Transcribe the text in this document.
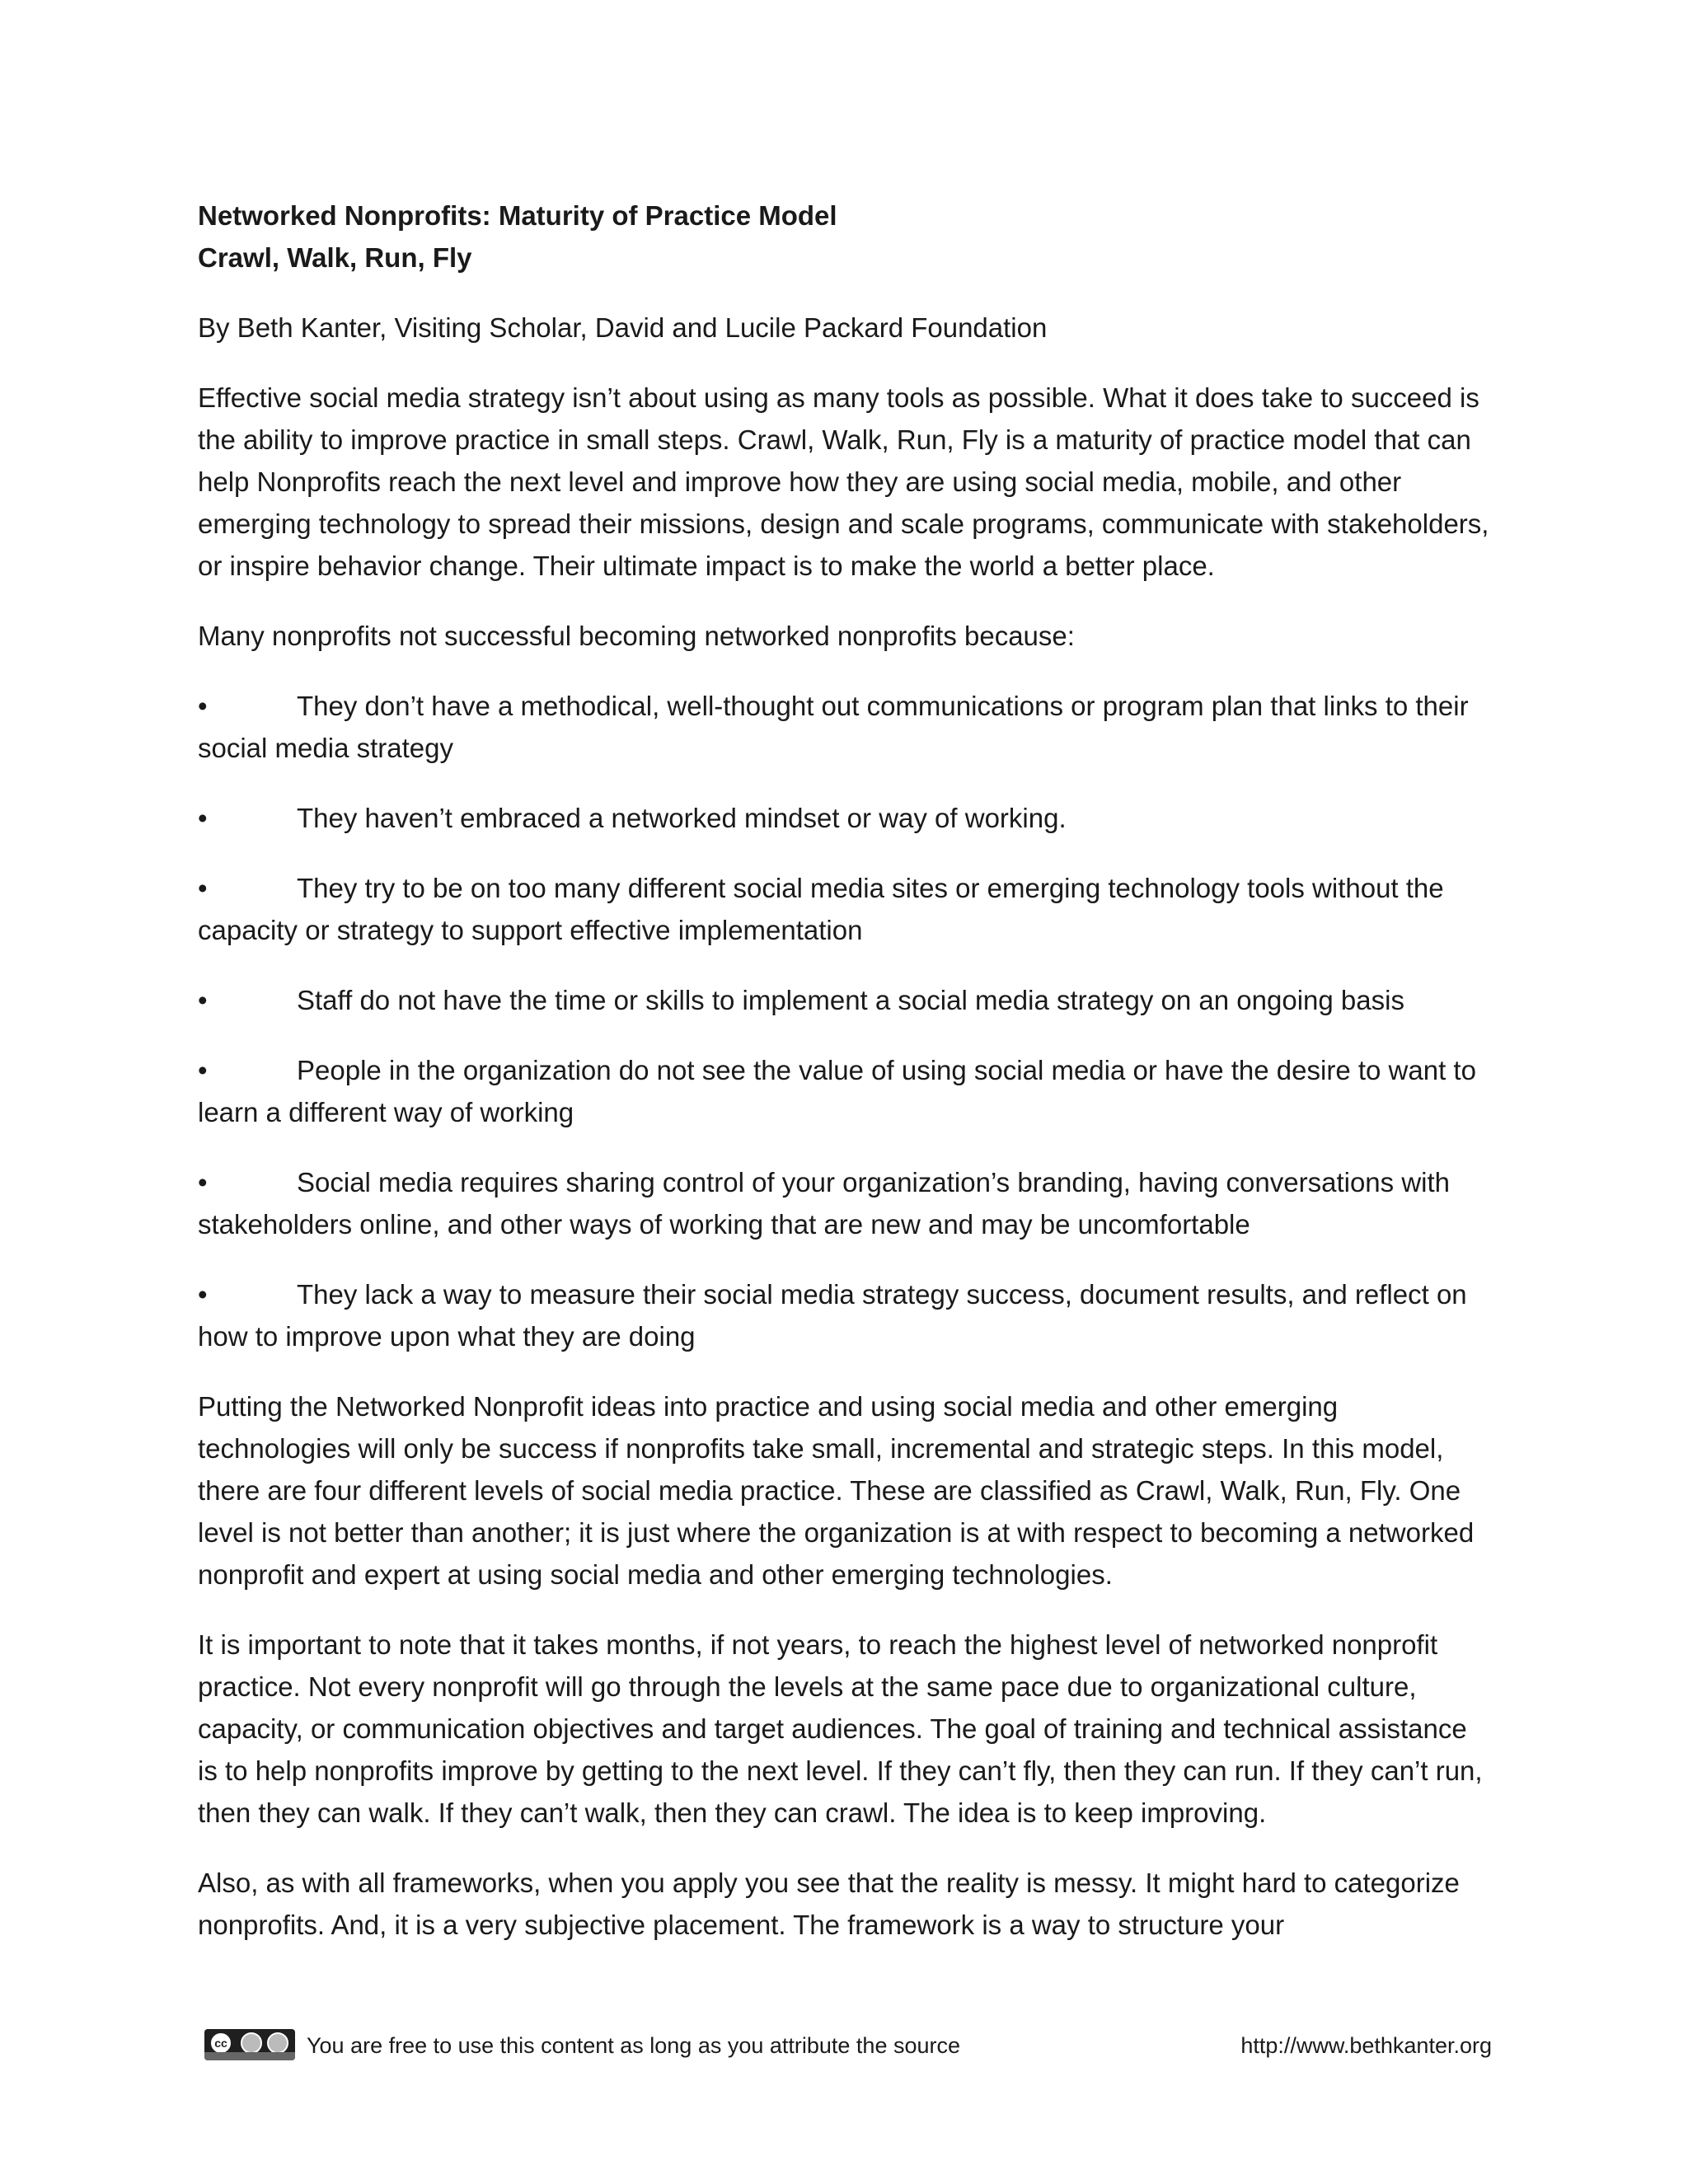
Networked Nonprofits: Maturity of Practice Model

Crawl, Walk, Run, Fly

By Beth Kanter, Visiting Scholar, David and Lucile Packard Foundation

Effective social media strategy isn’t about using as many tools as possible. What it does take to succeed is the ability to improve practice in small steps. Crawl, Walk, Run, Fly is a maturity of practice model that can help Nonprofits reach the next level and improve how they are using social media, mobile, and other emerging technology to spread their missions, design and scale programs, communicate with stakeholders, or inspire behavior change. Their ultimate impact is to make the world a better place.

Many nonprofits not successful becoming networked nonprofits because:

•	They don’t have a methodical, well-thought out communications or program plan that links to their social media strategy
•	They haven’t embraced a networked mindset or way of working.
•	They try to be on too many different social media sites or emerging technology tools without the capacity or strategy to support effective implementation
•	Staff do not have the time or skills to implement a social media strategy on an ongoing basis
•	People in the organization do not see the value of using social media or have the desire to want to learn a different way of working
•	Social media requires sharing control of your organization’s branding, having conversations with stakeholders online, and other ways of working that are new and may be uncomfortable
•	They lack a way to measure their social media strategy success, document results, and reflect on how to improve upon what they are doing

Putting the Networked Nonprofit ideas into practice and using social media and other emerging technologies will only be success if nonprofits take small, incremental and strategic steps. In this model, there are four different levels of social media practice. These are classified as Crawl, Walk, Run, Fly. One level is not better than another; it is just where the organization is at with respect to becoming a networked nonprofit and expert at using social media and other emerging technologies.

It is important to note that it takes months, if not years, to reach the highest level of networked nonprofit practice. Not every nonprofit will go through the levels at the same pace due to organizational culture, capacity, or communication objectives and target audiences. The goal of training and technical assistance is to help nonprofits improve by getting to the next level. If they can’t fly, then they can run. If they can’t run, then they can walk. If they can’t walk, then they can crawl. The idea is to keep improving.

Also, as with all frameworks, when you apply you see that the reality is messy. It might hard to categorize nonprofits. And, it is a very subjective placement. The framework is a way to structure your

cc	You are free to use this content as long as you attribute the source	http://www.bethkanter.org
